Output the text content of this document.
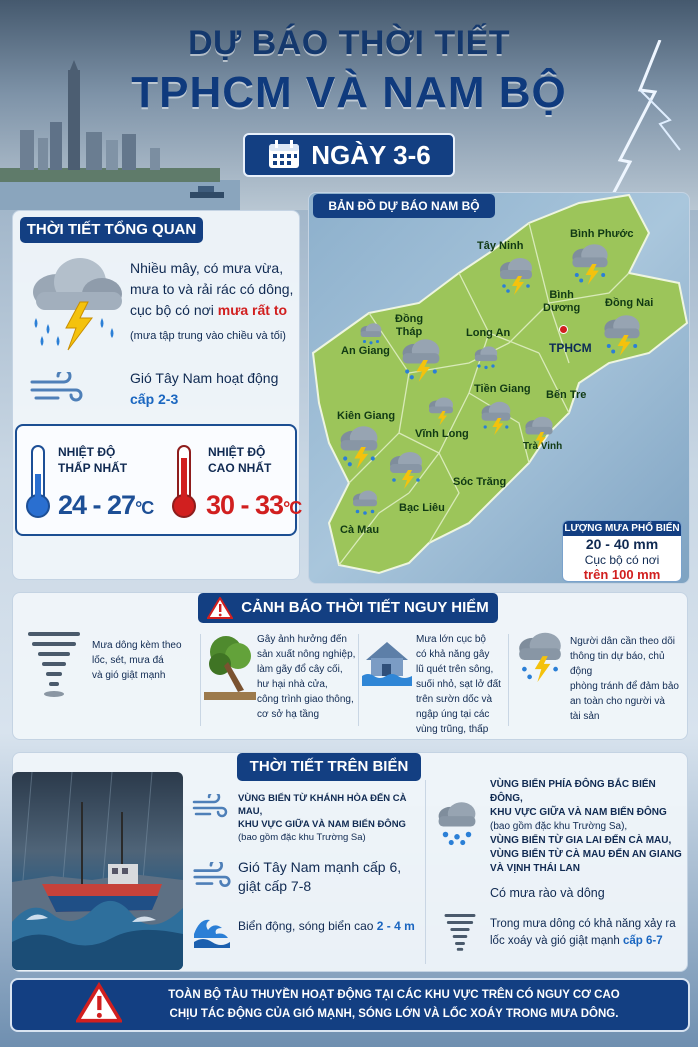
DỰ BÁO THỜI TIẾT
TPHCM VÀ NAM BỘ
NGÀY 3-6
THỜI TIẾT TỔNG QUAN
Nhiều mây, có mưa vừa,
mưa to và rải rác có dông,
cục bộ có nơi mưa rất to
(mưa tập trung vào chiều và tối)
Gió Tây Nam hoạt động
cấp 2-3
NHIỆT ĐỘ
THẤP NHẤT
24 - 27°C
NHIỆT ĐỘ
CAO NHẤT
30 - 33°C
BẢN ĐỒ DỰ BÁO NAM BỘ
Tây Ninh
Bình Phước
Bình
Dương Đồng Nai
Đồng
Tháp
An Giang
Long An
TPHCM
Tiền Giang Bến Tre
Kiên Giang
Vĩnh Long
Trà Vinh
Sóc Trăng
Bạc Liêu
Cà Mau	LƯỢNG MƯA PHỔ BIẾN
20 - 40 mm
Cục bộ có nơi
trên 100 mm
CẢNH BÁO THỜI TIẾT NGUY HIỂM
Mưa dông kèm theo
lốc, sét, mưa đá
và gió giật mạnh
Gây ảnh hưởng đến
sản xuất nông nghiệp,
làm gãy đổ cây cối,
hư hại nhà cửa,
công trình giao thông,
cơ sở hạ tầng
Mưa lớn cục bộ
có khả năng gây
lũ quét trên sông,
suối nhỏ, sạt lở đất
trên sườn dốc và
ngập úng tại các
vùng trũng, thấp
Người dân cần theo dõi
thông tin dự báo, chủ động
phòng tránh để đảm bảo
an toàn cho người và
tài sản
THỜI TIẾT TRÊN BIỂN
VÙNG BIỂN TỪ KHÁNH HÒA ĐẾN CÀ MAU,
KHU VỰC GIỮA VÀ NAM BIỂN ĐÔNG
(bao gồm đặc khu Trường Sa)
Gió Tây Nam mạnh cấp 6,
giật cấp 7-8
Biển động, sóng biển cao 2 - 4 m
VÙNG BIỂN PHÍA ĐÔNG BẮC BIỂN ĐÔNG,
KHU VỰC GIỮA VÀ NAM BIỂN ĐÔNG
(bao gồm đặc khu Trường Sa),
VÙNG BIỂN TỪ GIA LAI ĐẾN CÀ MAU,
VÙNG BIỂN TỪ CÀ MAU ĐẾN AN GIANG
VÀ VỊNH THÁI LAN
Có mưa rào và dông
Trong mưa dông có khả năng xảy ra
lốc xoáy và gió giật mạnh cấp 6-7
TOÀN BỘ TÀU THUYỀN HOẠT ĐỘNG TẠI CÁC KHU VỰC TRÊN CÓ NGUY CƠ CAO
CHỊU TÁC ĐỘNG CỦA GIÓ MẠNH, SÓNG LỚN VÀ LỐC XOÁY TRONG MƯA DÔNG.
